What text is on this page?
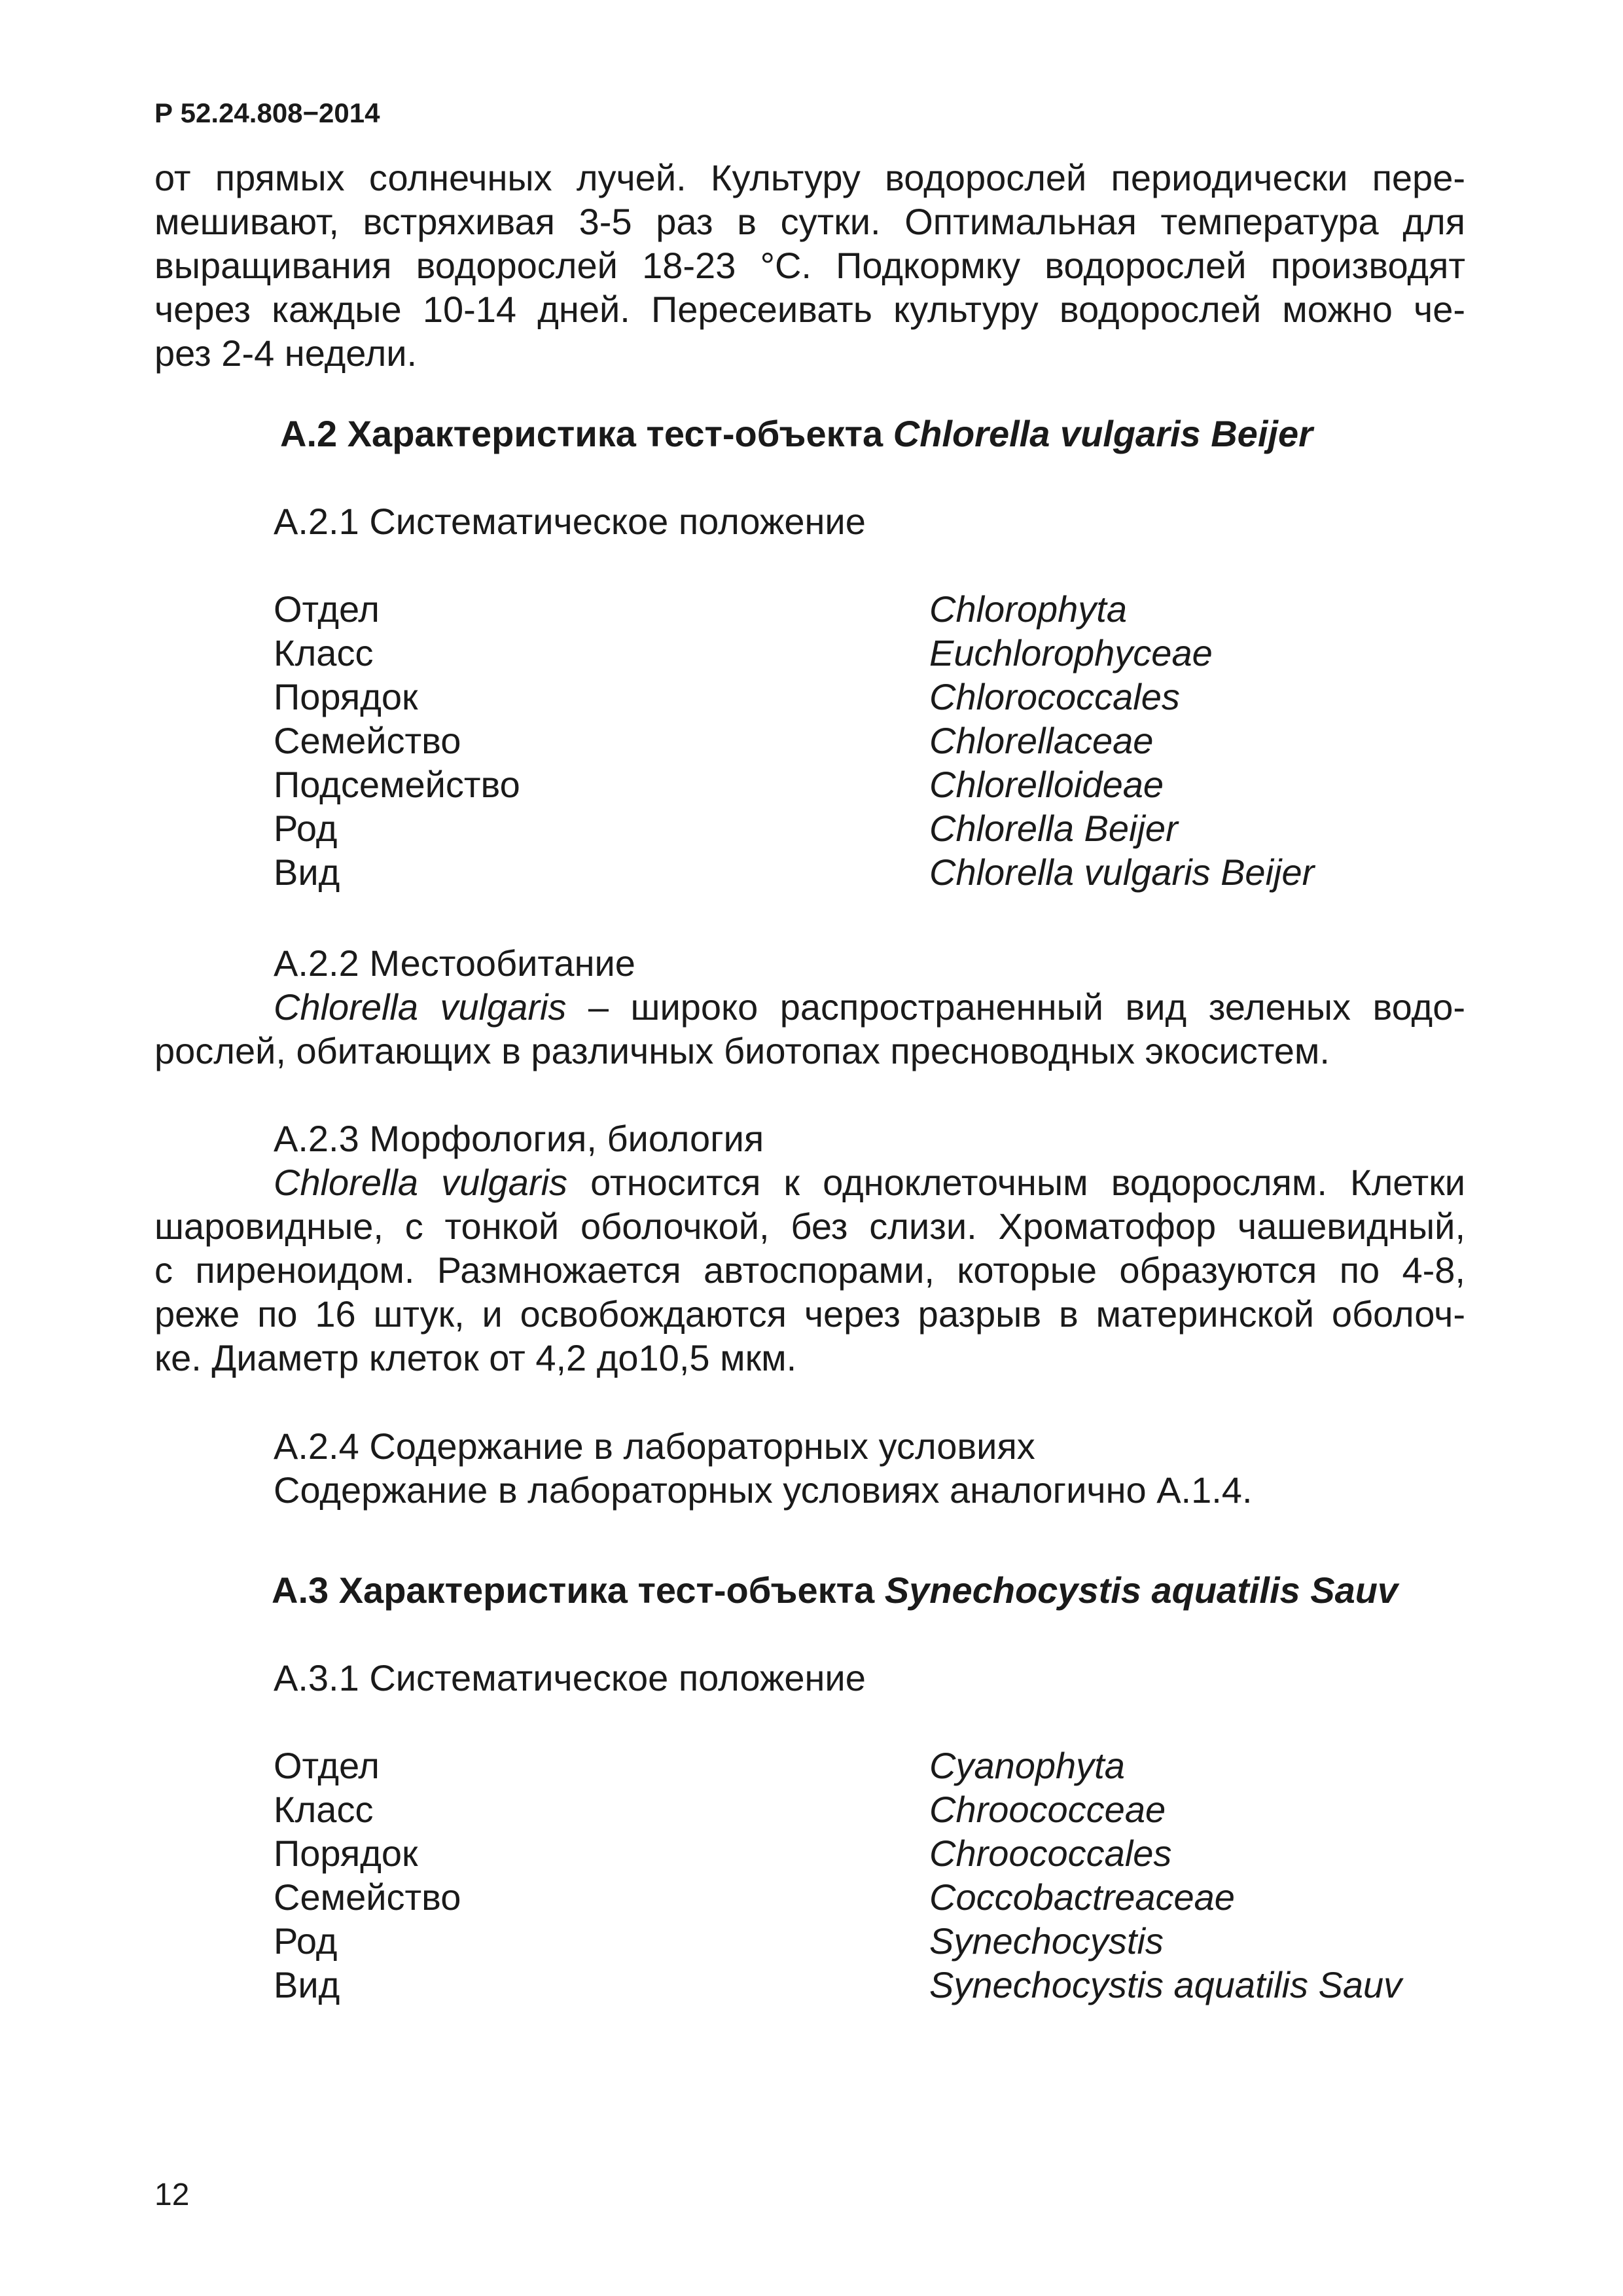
Р 52.24.808−2014
от прямых солнечных лучей. Культуру водорослей периодически пере-
мешивают, встряхивая 3-5 раз в сутки. Оптимальная температура для
выращивания водорослей 18-23 °С. Подкормку водорослей производят
через каждые 10-14 дней. Пересеивать культуру водорослей можно че-
рез 2-4 недели.
А.2 Характеристика тест-объекта Chlorella vulgaris Beijer
А.2.1 Систематическое положение
Отдел	Chlorophyta
Класс	Euchlorophyceae
Порядок	Chlorococcales
Семейство	Chlorellaceae
Подсемейство	Chlorelloideae
Род	Chlorella Beijer
Вид	Chlorella vulgaris Beijer
А.2.2 Местообитание
Chlorella vulgaris – широко распространенный вид зеленых водо-
рослей, обитающих в различных биотопах пресноводных экосистем.
А.2.3 Морфология, биология
Chlorella vulgaris относится к одноклеточным водорослям. Клетки
шаровидные, с тонкой оболочкой, без слизи. Хроматофор чашевидный,
с пиреноидом. Размножается автоспорами, которые образуются по 4-8,
реже по 16 штук, и освобождаются через разрыв в материнской оболоч-
ке. Диаметр клеток от 4,2 до10,5 мкм.
А.2.4 Содержание в лабораторных условиях
Содержание в лабораторных условиях аналогично А.1.4.
А.3 Характеристика тест-объекта Synechocystis aquatilis Sauv
А.3.1 Систематическое положение
Отдел	Cyanophyta
Класс	Chroococceae
Порядок	Chroococcales
Семейство	Coccobactreaceae
Род	Synechocystis
Вид	Synechocystis aquatilis Sauv
12
